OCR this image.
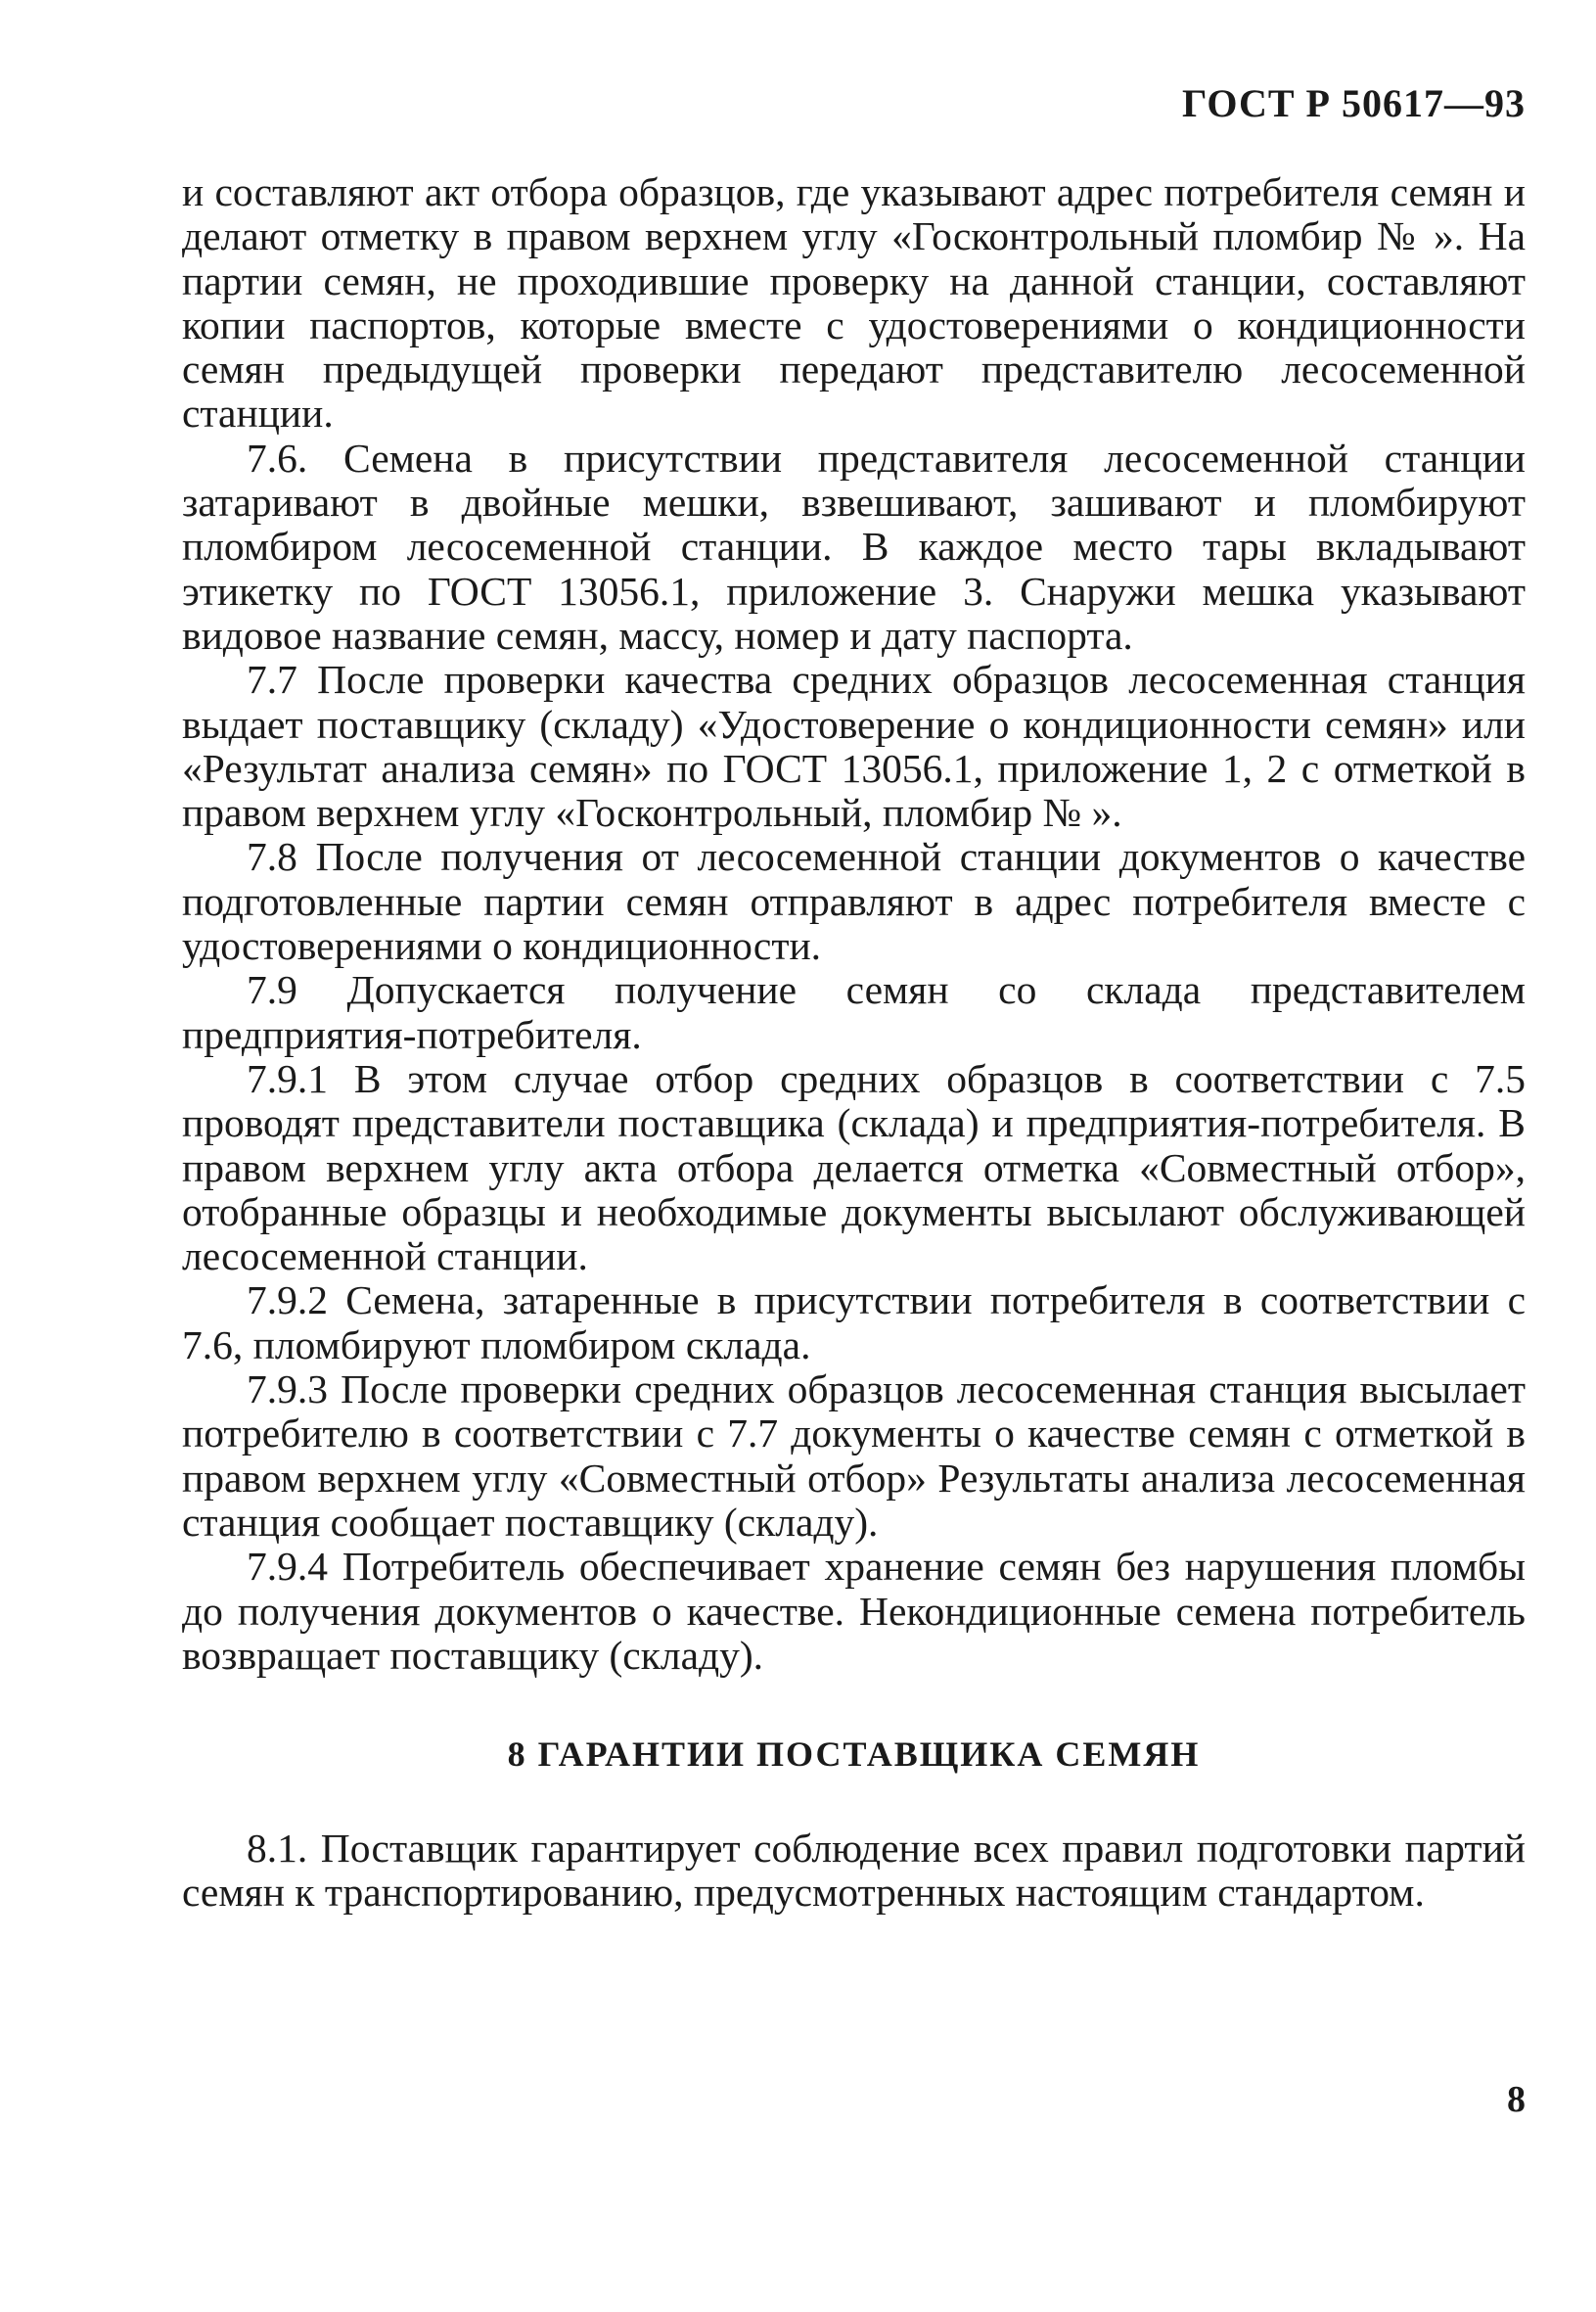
ГОСТ Р 50617—93

и составляют акт отбора образцов, где указывают адрес потребителя семян и делают отметку в правом верхнем углу «Госконтрольный пломбир № ». На партии семян, не проходившие проверку на данной станции, составляют копии паспортов, которые вместе с удостоверениями о кондиционности семян предыдущей проверки передают представителю лесосеменной станции.

7.6. Семена в присутствии представителя лесосеменной станции затаривают в двойные мешки, взвешивают, зашивают и пломбируют пломбиром лесосеменной станции. В каждое место тары вкладывают этикетку по ГОСТ 13056.1, приложение 3. Снаружи мешка указывают видовое название семян, массу, номер и дату паспорта.

7.7 После проверки качества средних образцов лесосеменная станция выдает поставщику (складу) «Удостоверение о кондиционности семян» или «Результат анализа семян» по ГОСТ 13056.1, приложение 1, 2 с отметкой в правом верхнем углу «Госконтрольный, пломбир № ».

7.8 После получения от лесосеменной станции документов о качестве подготовленные партии семян отправляют в адрес потребителя вместе с удостоверениями о кондиционности.

7.9 Допускается получение семян со склада представителем предприятия-потребителя.

7.9.1 В этом случае отбор средних образцов в соответствии с 7.5 проводят представители поставщика (склада) и предприятия-потребителя. В правом верхнем углу акта отбора делается отметка «Совместный отбор», отобранные образцы и необходимые документы высылают обслуживающей лесосеменной станции.

7.9.2 Семена, затаренные в присутствии потребителя в соответствии с 7.6, пломбируют пломбиром склада.

7.9.3 После проверки средних образцов лесосеменная станция высылает потребителю в соответствии с 7.7 документы о качестве семян с отметкой в правом верхнем углу «Совместный отбор» Результаты анализа лесосеменная станция сообщает поставщику (складу).

7.9.4 Потребитель обеспечивает хранение семян без нарушения пломбы до получения документов о качестве. Некондиционные семена потребитель возвращает поставщику (складу).

8 ГАРАНТИИ ПОСТАВЩИКА СЕМЯН

8.1. Поставщик гарантирует соблюдение всех правил подготовки партий семян к транспортированию, предусмотренных настоящим стандартом.

8
